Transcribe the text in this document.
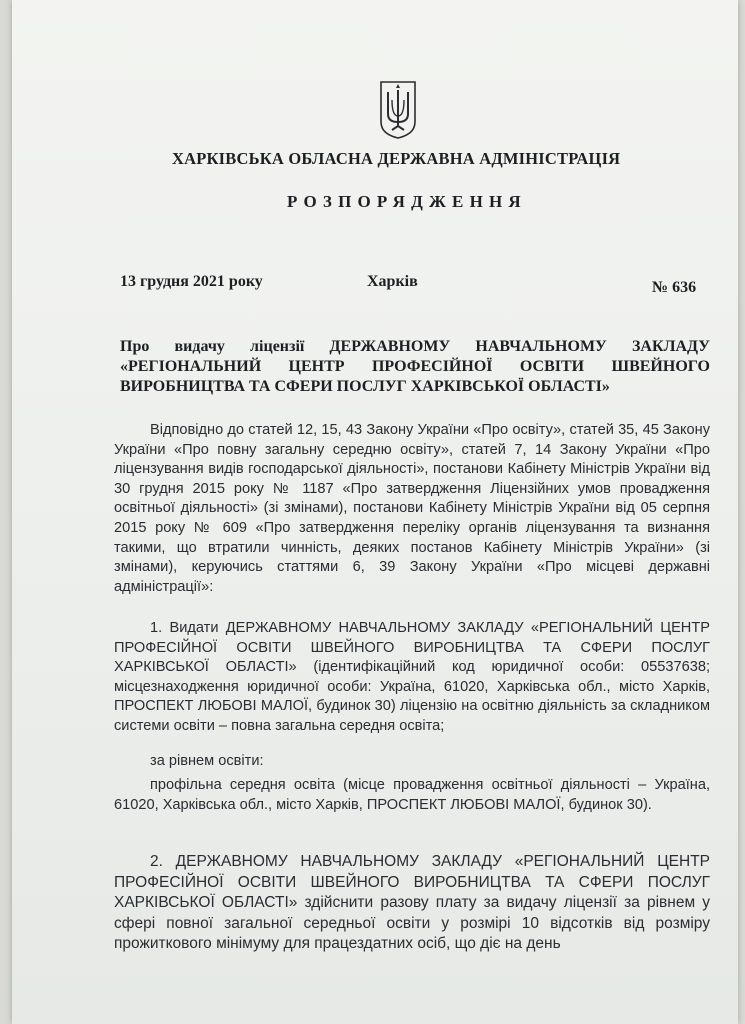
ХАРКІВСЬКА ОБЛАСНА ДЕРЖАВНА АДМІНІСТРАЦІЯ
РОЗПОРЯДЖЕННЯ
13 грудня 2021 року	Харків	№ 636
Про видачу ліцензії ДЕРЖАВНОМУ НАВЧАЛЬНОМУ ЗАКЛАДУ «РЕГІОНАЛЬНИЙ ЦЕНТР ПРОФЕСІЙНОЇ ОСВІТИ ШВЕЙНОГО ВИРОБНИЦТВА ТА СФЕРИ ПОСЛУГ ХАРКІВСЬКОЇ ОБЛАСТІ»
Відповідно до статей 12, 15, 43 Закону України «Про освіту», статей 35, 45 Закону України «Про повну загальну середню освіту», статей 7, 14 Закону України «Про ліцензування видів господарської діяльності», постанови Кабінету Міністрів України від 30 грудня 2015 року № 1187 «Про затвердження Ліцензійних умов провадження освітньої діяльності» (зі змінами), постанови Кабінету Міністрів України від 05 серпня 2015 року № 609 «Про затвердження переліку органів ліцензування та визнання такими, що втратили чинність, деяких постанов Кабінету Міністрів України» (зі змінами), керуючись статтями 6, 39 Закону України «Про місцеві державні адміністрації»:
1. Видати ДЕРЖАВНОМУ НАВЧАЛЬНОМУ ЗАКЛАДУ «РЕГІОНАЛЬНИЙ ЦЕНТР ПРОФЕСІЙНОЇ ОСВІТИ ШВЕЙНОГО ВИРОБНИЦТВА ТА СФЕРИ ПОСЛУГ ХАРКІВСЬКОЇ ОБЛАСТІ» (ідентифікаційний код юридичної особи: 05537638; місцезнаходження юридичної особи: Україна, 61020, Харківська обл., місто Харків, ПРОСПЕКТ ЛЮБОВІ МАЛОЇ, будинок 30) ліцензію на освітню діяльність за складником системи освіти – повна загальна середня освіта;
за рівнем освіти:
профільна середня освіта (місце провадження освітньої діяльності – Україна, 61020, Харківська обл., місто Харків, ПРОСПЕКТ ЛЮБОВІ МАЛОЇ, будинок 30).
2. ДЕРЖАВНОМУ НАВЧАЛЬНОМУ ЗАКЛАДУ «РЕГІОНАЛЬНИЙ ЦЕНТР ПРОФЕСІЙНОЇ ОСВІТИ ШВЕЙНОГО ВИРОБНИЦТВА ТА СФЕРИ ПОСЛУГ ХАРКІВСЬКОЇ ОБЛАСТІ» здійснити разову плату за видачу ліцензії за рівнем у сфері повної загальної середньої освіти у розмірі 10 відсотків від розміру прожиткового мінімуму для працездатних осіб, що діє на день
